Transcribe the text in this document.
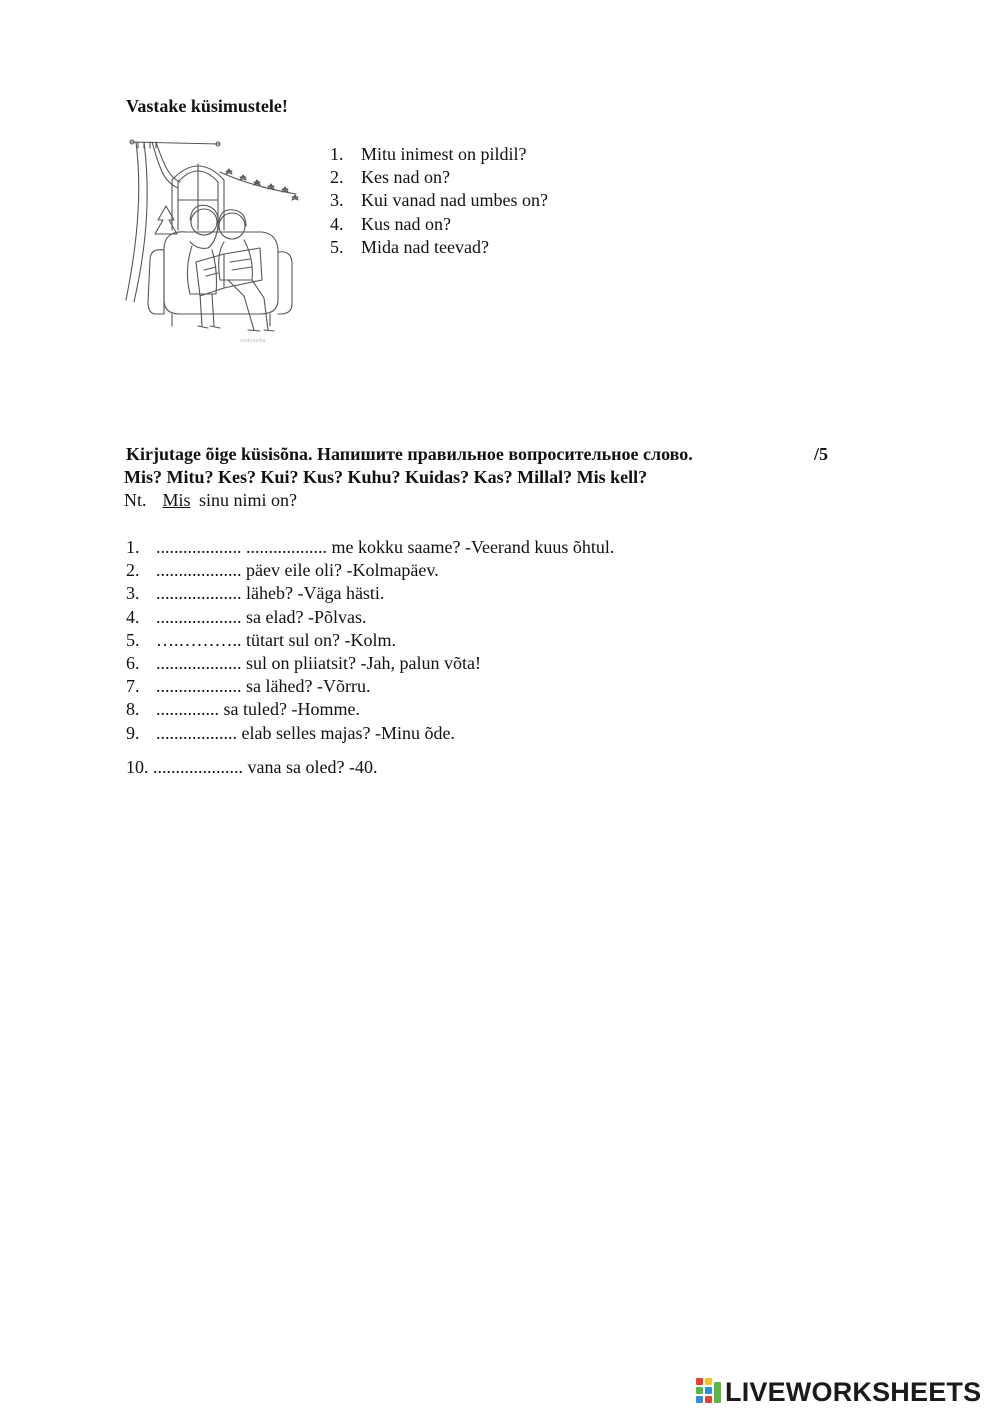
Vastake küsimustele!
raskrasika
1. Mitu inimest on pildil?
2. Kes nad on?
3. Kui vanad nad umbes on?
4. Kus nad on?
5. Mida nad teevad?
Kirjutage õige küsisõna. Напишите правильное вопросительное слово.	/5
Mis? Mitu? Kes? Kui? Kus? Kuhu? Kuidas? Kas? Millal? Mis kell?
Nt. Mis sinu nimi on?
1. ................... .................. me kokku saame? -Veerand kuus õhtul.
2. ................... päev eile oli? -Kolmapäev.
3. ................... läheb? -Väga hästi.
4. ................... sa elad? -Põlvas.
5. ….……….. tütart sul on? -Kolm.
6. ................... sul on pliiatsit? -Jah, palun võta!
7. ................... sa lähed? -Võrru.
8. .............. sa tuled? -Homme.
9. .................. elab selles majas? -Minu õde.
10. .................... vana sa oled? -40.
LIVEWORKSHEETS
